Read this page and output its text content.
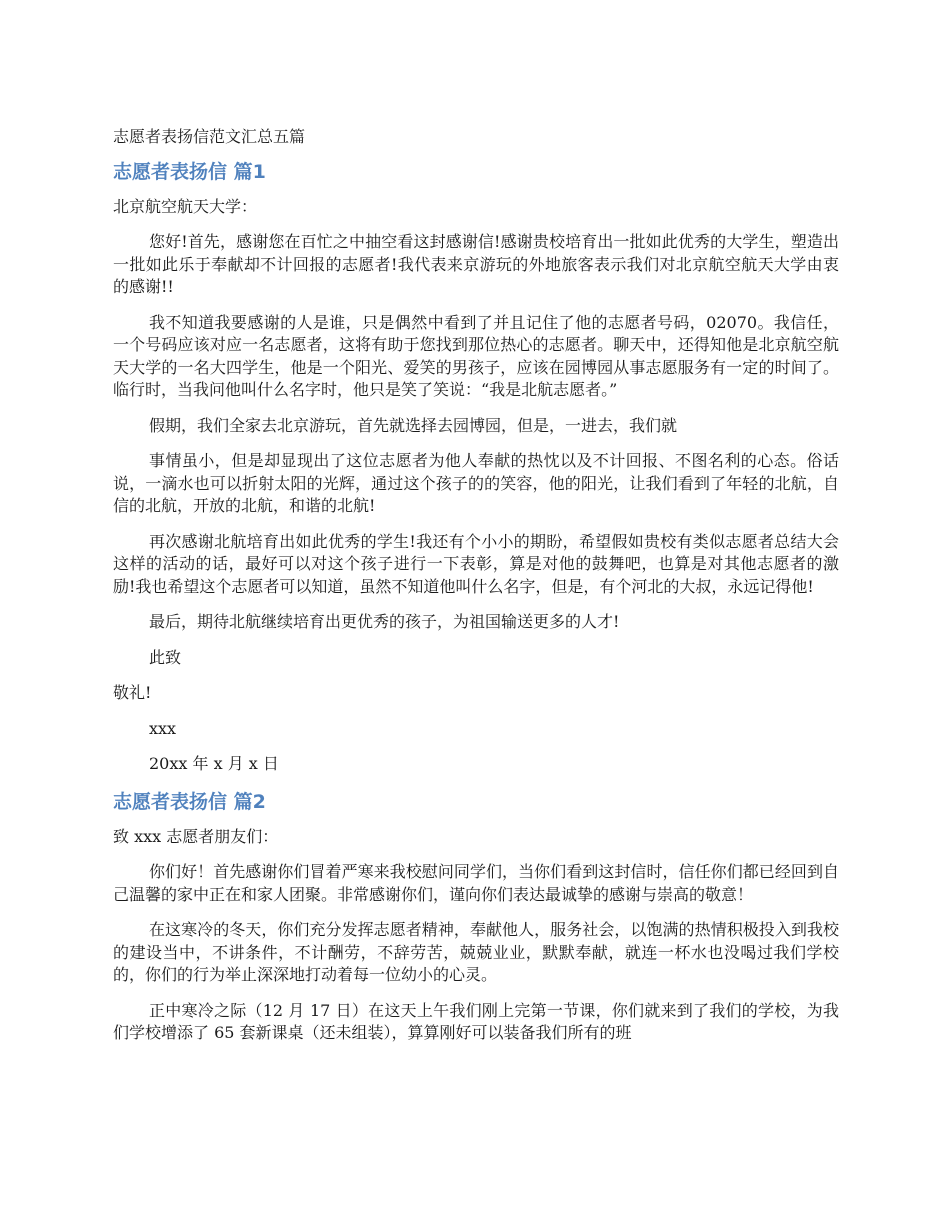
志愿者表扬信范文汇总五篇
志愿者表扬信 篇1
北京航空航天大学：
您好!首先，感谢您在百忙之中抽空看这封感谢信!感谢贵校培育出一批如此优秀的大学生，塑造出一批如此乐于奉献却不计回报的志愿者!我代表来京游玩的外地旅客表示我们对北京航空航天大学由衷的感谢!!
我不知道我要感谢的人是谁，只是偶然中看到了并且记住了他的志愿者号码，02070。我信任，一个号码应该对应一名志愿者，这将有助于您找到那位热心的志愿者。聊天中，还得知他是北京航空航天大学的一名大四学生，他是一个阳光、爱笑的男孩子，应该在园博园从事志愿服务有一定的时间了。临行时，当我问他叫什么名字时，他只是笑了笑说：“我是北航志愿者。”
假期，我们全家去北京游玩，首先就选择去园博园，但是，一进去，我们就
事情虽小，但是却显现出了这位志愿者为他人奉献的热忱以及不计回报、不图名利的心态。俗话说，一滴水也可以折射太阳的光辉，通过这个孩子的的笑容，他的阳光，让我们看到了年轻的北航，自信的北航，开放的北航，和谐的北航!
再次感谢北航培育出如此优秀的学生!我还有个小小的期盼，希望假如贵校有类似志愿者总结大会这样的活动的话，最好可以对这个孩子进行一下表彰，算是对他的鼓舞吧，也算是对其他志愿者的激励!我也希望这个志愿者可以知道，虽然不知道他叫什么名字，但是，有个河北的大叔，永远记得他!
最后，期待北航继续培育出更优秀的孩子，为祖国输送更多的人才!
此致
敬礼!
xxx
20xx 年 x 月 x 日
志愿者表扬信 篇2
致 xxx 志愿者朋友们：
你们好！首先感谢你们冒着严寒来我校慰问同学们，当你们看到这封信时，信任你们都已经回到自己温馨的家中正在和家人团聚。非常感谢你们，谨向你们表达最诚挚的感谢与崇高的敬意！
在这寒冷的冬天，你们充分发挥志愿者精神，奉献他人，服务社会，以饱满的热情积极投入到我校的建设当中，不讲条件，不计酬劳，不辞劳苦，兢兢业业，默默奉献，就连一杯水也没喝过我们学校的，你们的行为举止深深地打动着每一位幼小的心灵。
正中寒冷之际（12 月 17 日）在这天上午我们刚上完第一节课，你们就来到了我们的学校，为我们学校增添了 65 套新课桌（还未组装），算算刚好可以装备我们所有的班
